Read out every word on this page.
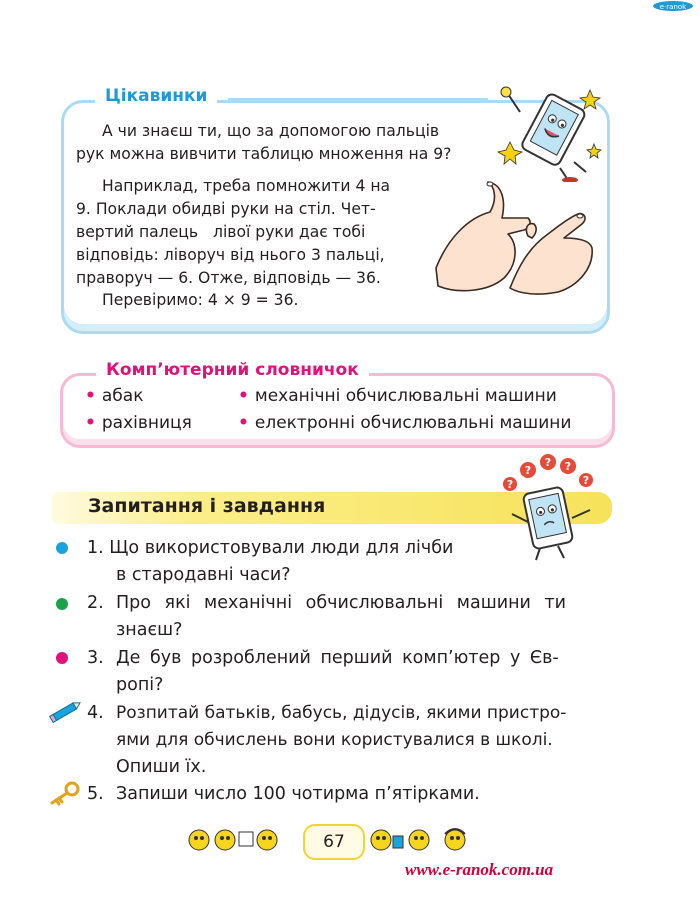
e·ranok
Цікавинки
А чи знаєш ти, що за допомогою пальців
рук можна вивчити таблицю множення на 9?
Наприклад, треба помножити 4 на
9. Поклади обидві руки на стіл. Чет-
вертий палець   лівої руки дає тобі
відповідь: ліворуч від нього 3 пальці,
праворуч — 6. Отже, відповідь — 36.
Перевіримо: 4 × 9 = 36.
Комп’ютерний словничок
• абак
• рахівниця
• механічні обчислювальні машини
• електронні обчислювальні машини
Запитання і завдання
?
? ?
?	?
1. Що використовували люди для лічби
в стародавні часи?
2. Про які механічні обчислювальні машини ти
знаєш?
3. Де був розроблений перший комп’ютер у Єв-
ропі?
4. Розпитай батьків, бабусь, дідусів, якими пристро-
ями для обчислень вони користувалися в школі.
Опиши їх.
5. Запиши число 100 чотирма п’ятірками.
67
www.e-ranok.com.ua
